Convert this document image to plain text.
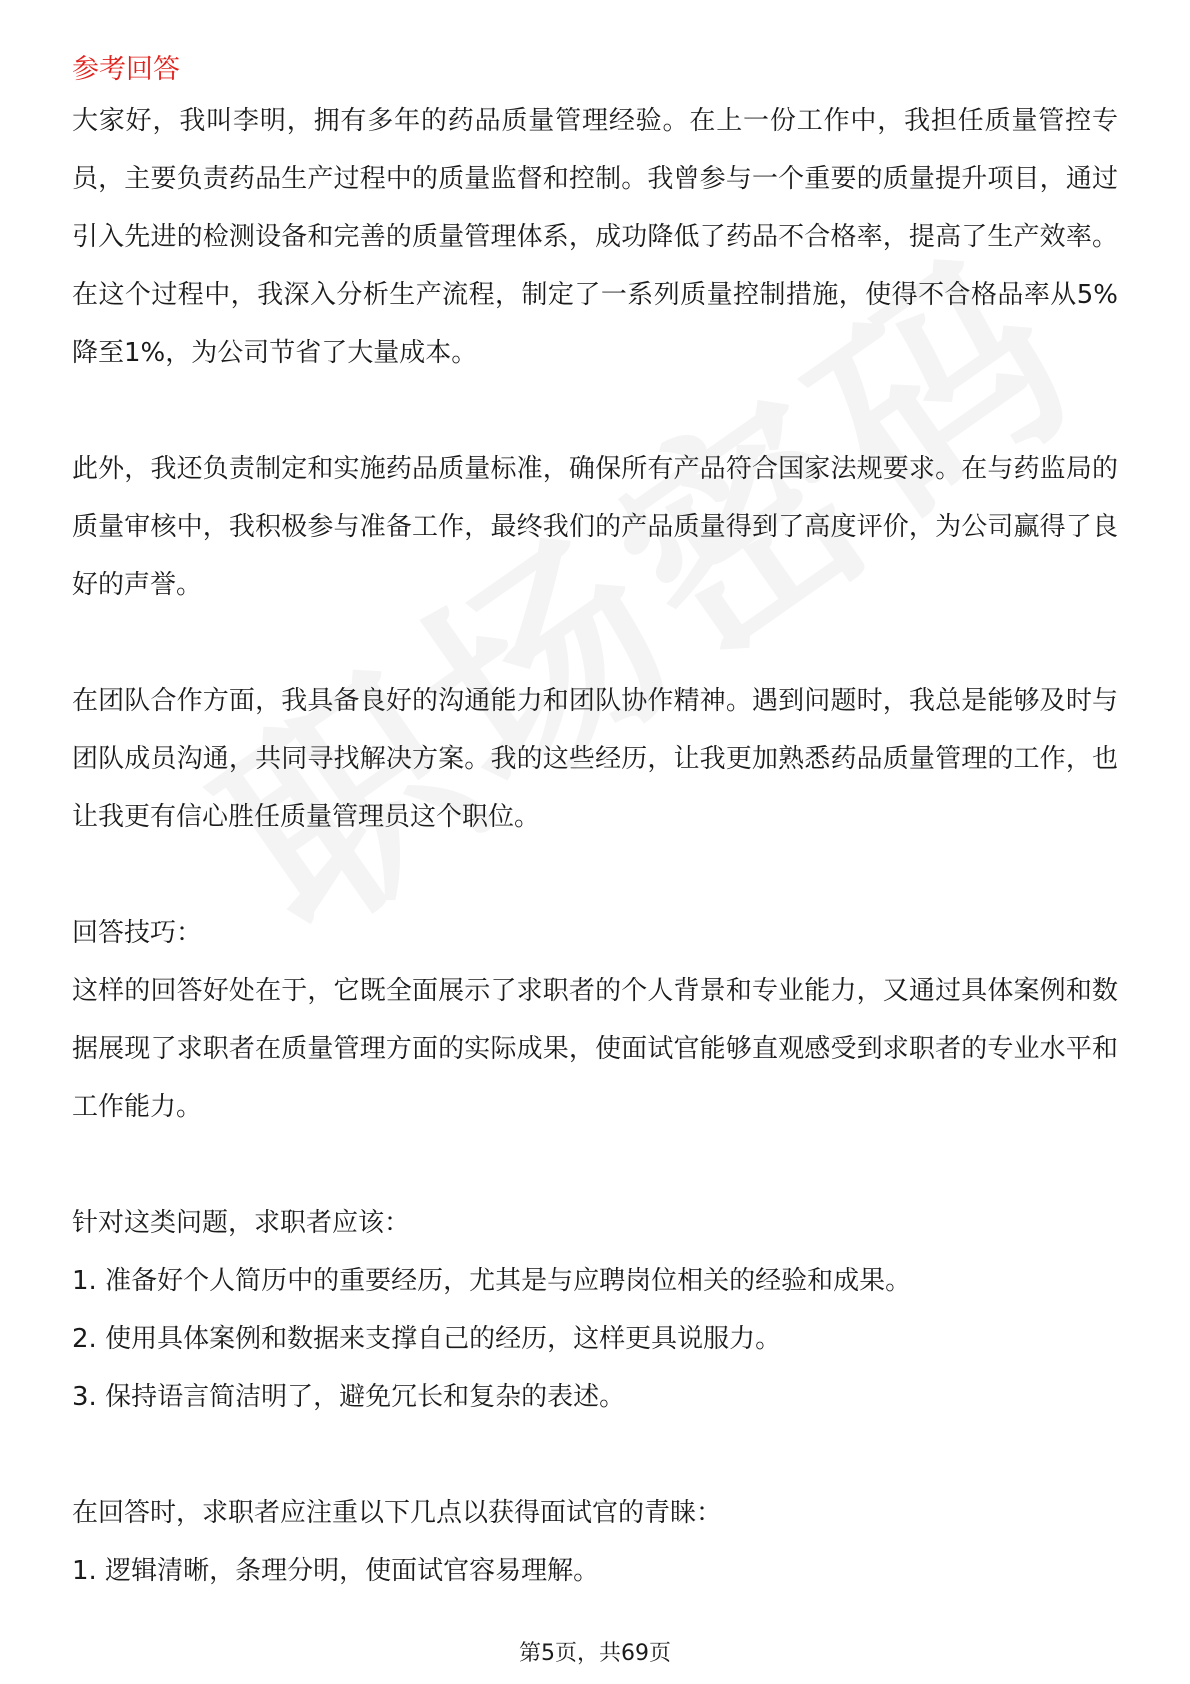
参考回答

大家好，我叫李明，拥有多年的药品质量管理经验。在上一份工作中，我担任质量管控专员，主要负责药品生产过程中的质量监督和控制。我曾参与一个重要的质量提升项目，通过引入先进的检测设备和完善的质量管理体系，成功降低了药品不合格率，提高了生产效率。在这个过程中，我深入分析生产流程，制定了一系列质量控制措施，使得不合格品率从5%降至1%，为公司节省了大量成本。

此外，我还负责制定和实施药品质量标准，确保所有产品符合国家法规要求。在与药监局的质量审核中，我积极参与准备工作，最终我们的产品质量得到了高度评价，为公司赢得了良好的声誉。

在团队合作方面，我具备良好的沟通能力和团队协作精神。遇到问题时，我总是能够及时与团队成员沟通，共同寻找解决方案。我的这些经历，让我更加熟悉药品质量管理的工作，也让我更有信心胜任质量管理员这个职位。

回答技巧：

这样的回答好处在于，它既全面展示了求职者的个人背景和专业能力，又通过具体案例和数据展现了求职者在质量管理方面的实际成果，使面试官能够直观感受到求职者的专业水平和工作能力。

针对这类问题，求职者应该：

1. 准备好个人简历中的重要经历，尤其是与应聘岗位相关的经验和成果。

2. 使用具体案例和数据来支撑自己的经历，这样更具说服力。

3. 保持语言简洁明了，避免冗长和复杂的表述。

在回答时，求职者应注重以下几点以获得面试官的青睐：

1. 逻辑清晰，条理分明，使面试官容易理解。

第5页，共69页
